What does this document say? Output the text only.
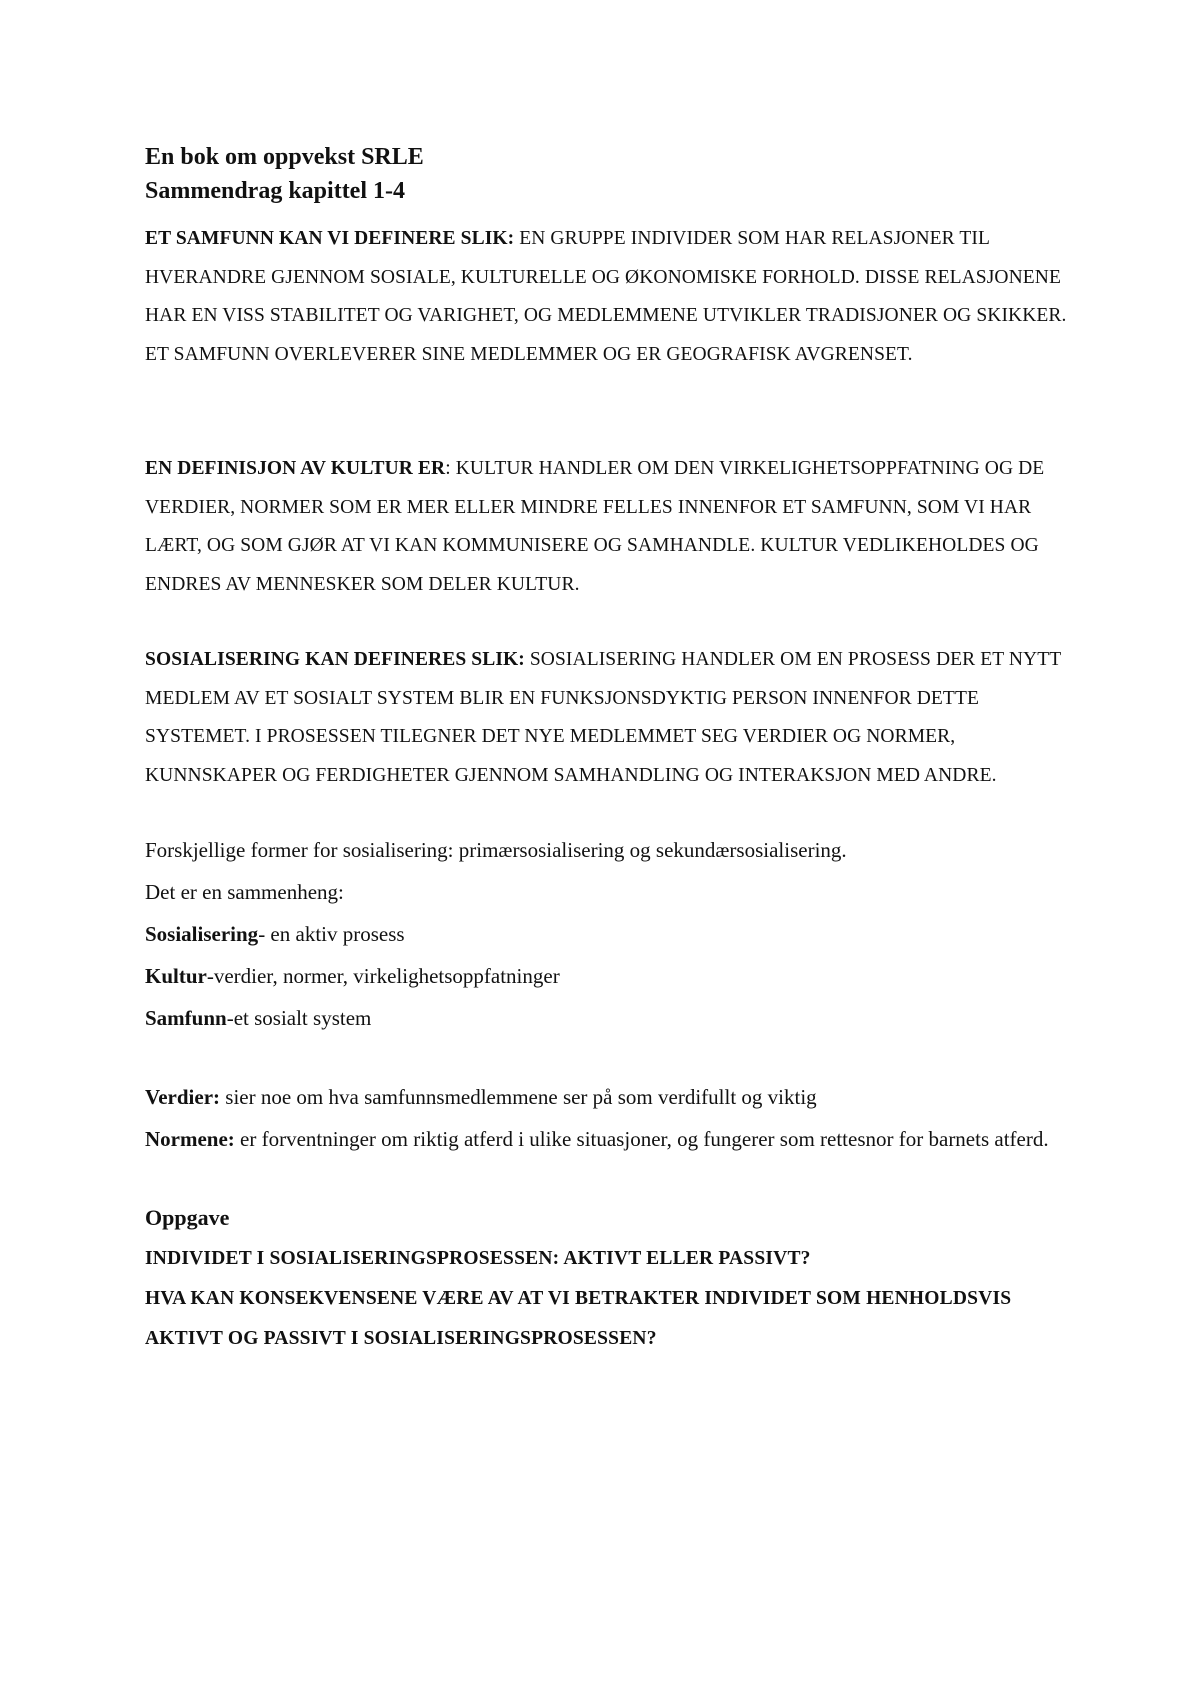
En bok om oppvekst SRLE
Sammendrag kapittel 1-4

ET SAMFUNN KAN VI DEFINERE SLIK: EN GRUPPE INDIVIDER SOM HAR RELASJONER TIL HVERANDRE GJENNOM SOSIALE, KULTURELLE OG ØKONOMISKE FORHOLD. DISSE RELASJONENE HAR EN VISS STABILITET OG VARIGHET, OG MEDLEMMENE UTVIKLER TRADISJONER OG SKIKKER. ET SAMFUNN OVERLEVERER SINE MEDLEMMER OG ER GEOGRAFISK AVGRENSET.

EN DEFINISJON AV KULTUR ER: KULTUR HANDLER OM DEN VIRKELIGHETSOPPFATNING OG DE VERDIER, NORMER SOM ER MER ELLER MINDRE FELLES INNENFOR ET SAMFUNN, SOM VI HAR LÆRT, OG SOM GJØR AT VI KAN KOMMUNISERE OG SAMHANDLE. KULTUR VEDLIKEHOLDES OG ENDRES AV MENNESKER SOM DELER KULTUR.

SOSIALISERING KAN DEFINERES SLIK: SOSIALISERING HANDLER OM EN PROSESS DER ET NYTT MEDLEM AV ET SOSIALT SYSTEM BLIR EN FUNKSJONSDYKTIG PERSON INNENFOR DETTE SYSTEMET. I PROSESSEN TILEGNER DET NYE MEDLEMMET SEG VERDIER OG NORMER, KUNNSKAPER OG FERDIGHETER GJENNOM SAMHANDLING OG INTERAKSJON MED ANDRE.

Forskjellige former for sosialisering: primærsosialisering og sekundærsosialisering.

Det er en sammenheng:

Sosialisering- en aktiv prosess

Kultur-verdier, normer, virkelighetsoppfatninger

Samfunn-et sosialt system

Verdier: sier noe om hva samfunnsmedlemmene ser på som verdifullt og viktig

Normene: er forventninger om riktig atferd i ulike situasjoner, og fungerer som rettesnor for barnets atferd.

Oppgave

INDIVIDET I SOSIALISERINGSPROSESSEN: AKTIVT ELLER PASSIVT?

HVA KAN KONSEKVENSENE VÆRE AV AT VI BETRAKTER INDIVIDET SOM HENHOLDSVIS AKTIVT OG PASSIVT I SOSIALISERINGSPROSESSEN?
